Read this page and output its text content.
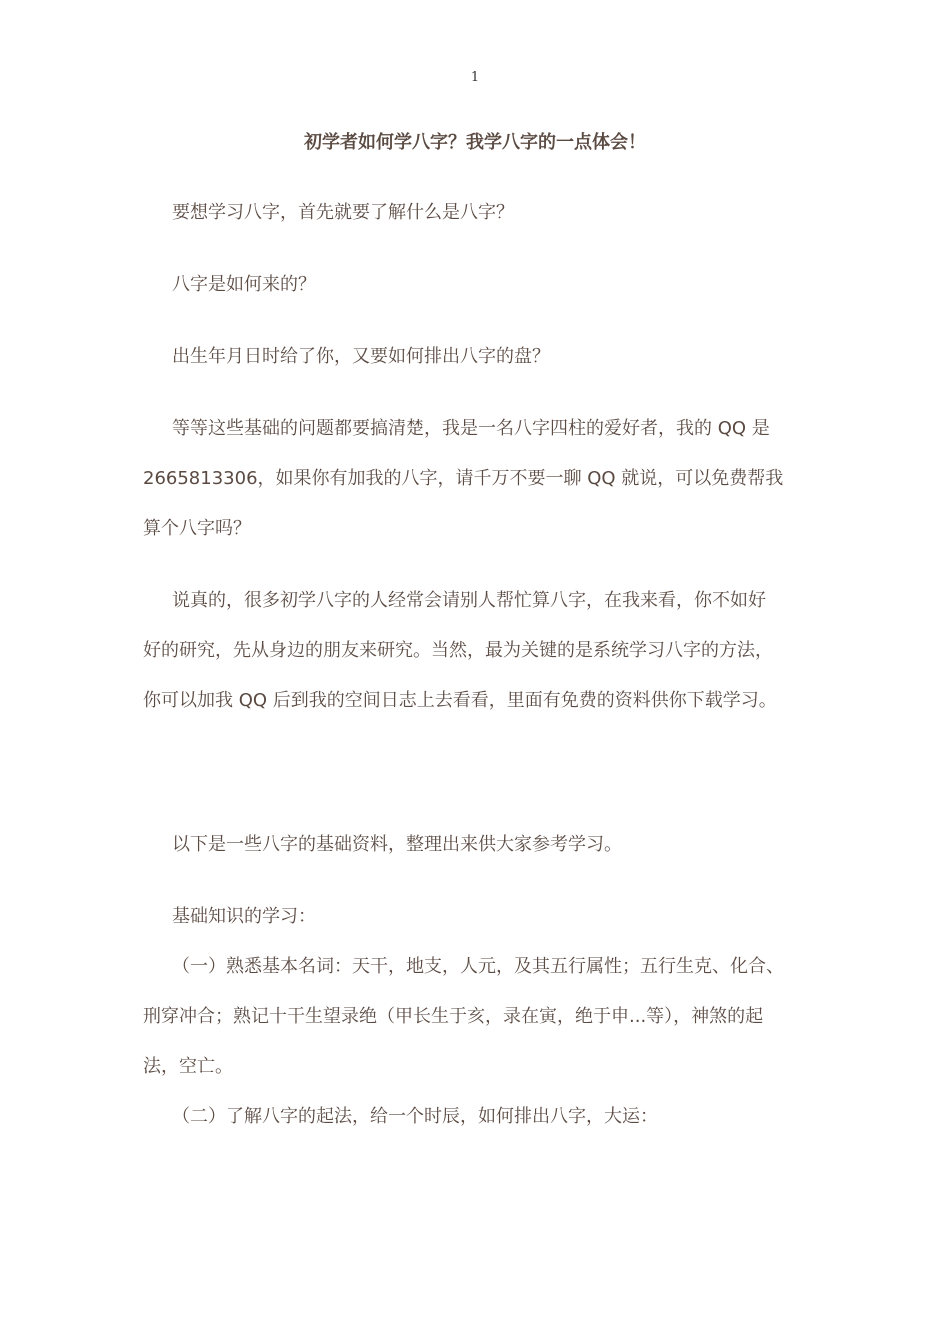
1
初学者如何学八字？我学八字的一点体会！
要想学习八字，首先就要了解什么是八字？
八字是如何来的？
出生年月日时给了你，又要如何排出八字的盘？
等等这些基础的问题都要搞清楚，我是一名八字四柱的爱好者，我的 QQ 是
2665813306，如果你有加我的八字，请千万不要一聊 QQ 就说，可以免费帮我
算个八字吗？
说真的，很多初学八字的人经常会请别人帮忙算八字，在我来看，你不如好
好的研究，先从身边的朋友来研究。当然，最为关键的是系统学习八字的方法，
你可以加我 QQ 后到我的空间日志上去看看，里面有免费的资料供你下载学习。
以下是一些八字的基础资料，整理出来供大家参考学习。
基础知识的学习：
（一）熟悉基本名词：天干，地支，人元，及其五行属性；五行生克、化合、
刑穿冲合；熟记十干生望录绝（甲长生于亥，录在寅，绝于申...等），神煞的起
法，空亡。
（二）了解八字的起法，给一个时辰，如何排出八字，大运：
